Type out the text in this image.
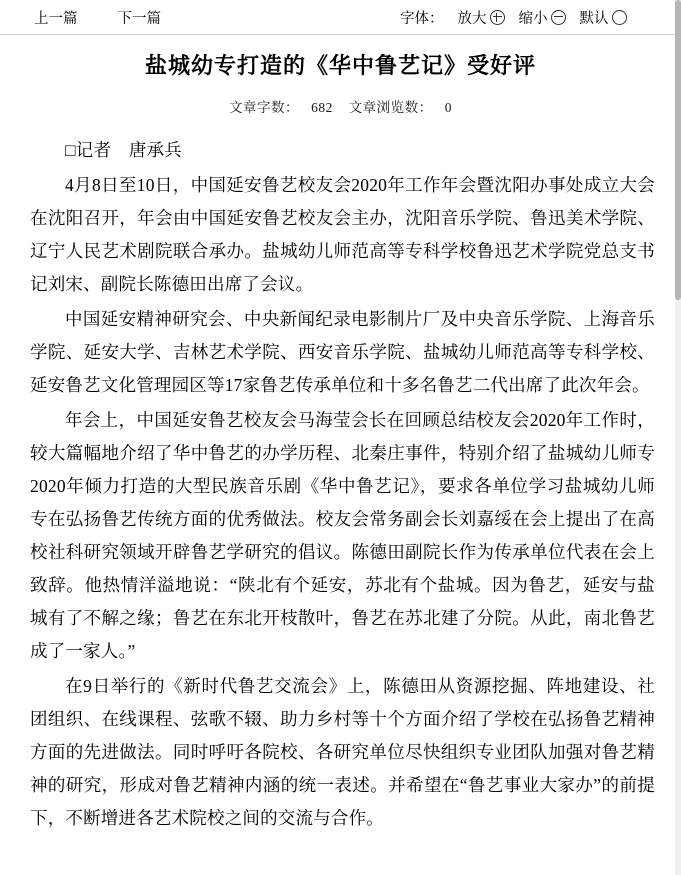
上一篇	下一篇	字体： 放大 缩小 默认
盐城幼专打造的《华中鲁艺记》受好评
文章字数： 682 文章浏览数： 0

□记者　唐承兵

4月8日至10日，中国延安鲁艺校友会2020年工作年会暨沈阳办事处成立大会在沈阳召开，年会由中国延安鲁艺校友会主办，沈阳音乐学院、鲁迅美术学院、辽宁人民艺术剧院联合承办。盐城幼儿师范高等专科学校鲁迅艺术学院党总支书记刘宋、副院长陈德田出席了会议。

中国延安精神研究会、中央新闻纪录电影制片厂及中央音乐学院、上海音乐学院、延安大学、吉林艺术学院、西安音乐学院、盐城幼儿师范高等专科学校、延安鲁艺文化管理园区等17家鲁艺传承单位和十多名鲁艺二代出席了此次年会。

年会上，中国延安鲁艺校友会马海莹会长在回顾总结校友会2020年工作时，较大篇幅地介绍了华中鲁艺的办学历程、北秦庄事件，特别介绍了盐城幼儿师专2020年倾力打造的大型民族音乐剧《华中鲁艺记》，要求各单位学习盐城幼儿师专在弘扬鲁艺传统方面的优秀做法。校友会常务副会长刘嘉绥在会上提出了在高校社科研究领域开辟鲁艺学研究的倡议。陈德田副院长作为传承单位代表在会上致辞。他热情洋溢地说：“陕北有个延安，苏北有个盐城。因为鲁艺，延安与盐城有了不解之缘；鲁艺在东北开枝散叶，鲁艺在苏北建了分院。从此，南北鲁艺成了一家人。”

在9日举行的《新时代鲁艺交流会》上，陈德田从资源挖掘、阵地建设、社团组织、在线课程、弦歌不辍、助力乡村等十个方面介绍了学校在弘扬鲁艺精神方面的先进做法。同时呼吁各院校、各研究单位尽快组织专业团队加强对鲁艺精神的研究，形成对鲁艺精神内涵的统一表述。并希望在“鲁艺事业大家办”的前提下，不断增进各艺术院校之间的交流与合作。
